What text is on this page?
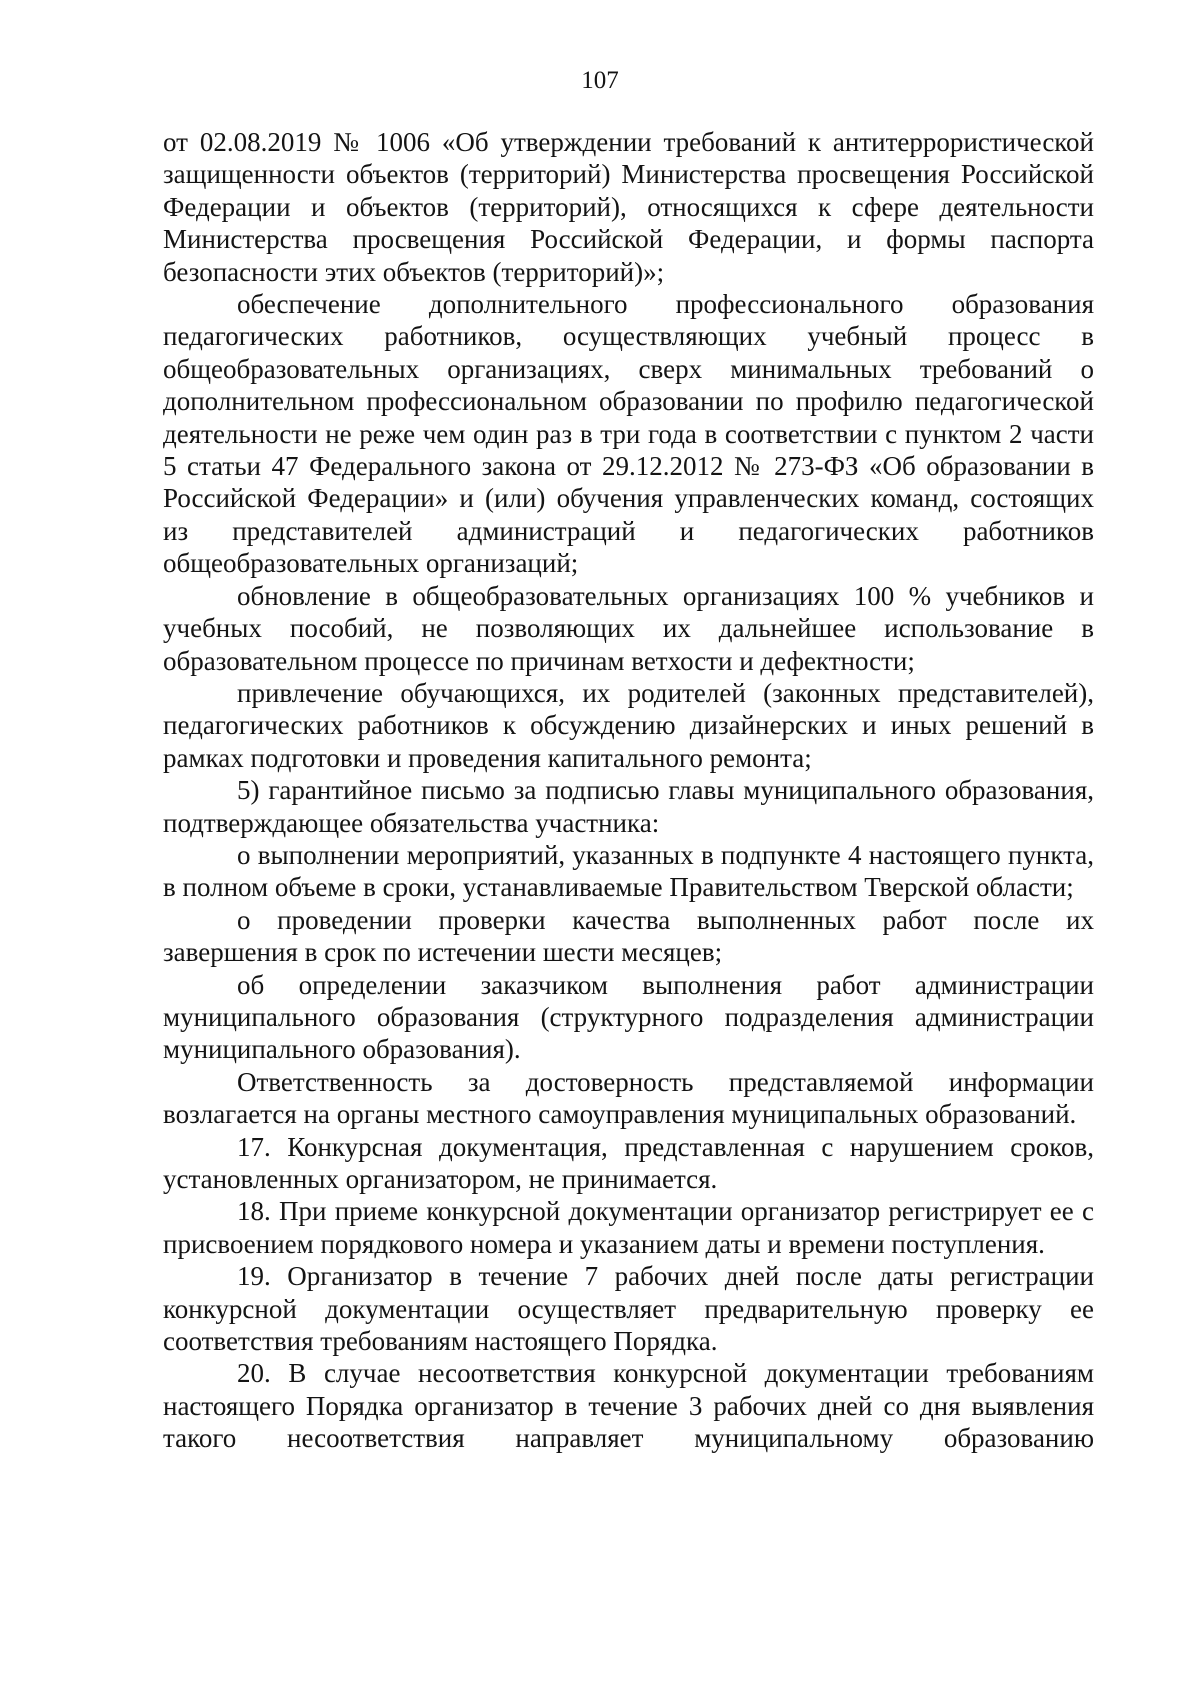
107

от 02.08.2019 № 1006 «Об утверждении требований к антитеррористической защищенности объектов (территорий) Министерства просвещения Российской Федерации и объектов (территорий), относящихся к сфере деятельности Министерства просвещения Российской Федерации, и формы паспорта безопасности этих объектов (территорий)»;

обеспечение дополнительного профессионального образования педагогических работников, осуществляющих учебный процесс в общеобразовательных организациях, сверх минимальных требований о дополнительном профессиональном образовании по профилю педагогической деятельности не реже чем один раз в три года в соответствии с пунктом 2 части 5 статьи 47 Федерального закона от 29.12.2012 № 273-ФЗ «Об образовании в Российской Федерации» и (или) обучения управленческих команд, состоящих из представителей администраций и педагогических работников общеобразовательных организаций;

обновление в общеобразовательных организациях 100 % учебников и учебных пособий, не позволяющих их дальнейшее использование в образовательном процессе по причинам ветхости и дефектности;

привлечение обучающихся, их родителей (законных представителей), педагогических работников к обсуждению дизайнерских и иных решений в рамках подготовки и проведения капитального ремонта;

5) гарантийное письмо за подписью главы муниципального образования, подтверждающее обязательства участника:

о выполнении мероприятий, указанных в подпункте 4 настоящего пункта, в полном объеме в сроки, устанавливаемые Правительством Тверской области;

о проведении проверки качества выполненных работ после их завершения в срок по истечении шести месяцев;

об определении заказчиком выполнения работ администрации муниципального образования (структурного подразделения администрации муниципального образования).

Ответственность за достоверность представляемой информации возлагается на органы местного самоуправления муниципальных образований.

17. Конкурсная документация, представленная с нарушением сроков, установленных организатором, не принимается.

18. При приеме конкурсной документации организатор регистрирует ее с присвоением порядкового номера и указанием даты и времени поступления.

19. Организатор в течение 7 рабочих дней после даты регистрации конкурсной документации осуществляет предварительную проверку ее соответствия требованиям настоящего Порядка.

20. В случае несоответствия конкурсной документации требованиям настоящего Порядка организатор в течение 3 рабочих дней со дня выявления такого несоответствия направляет муниципальному образованию
